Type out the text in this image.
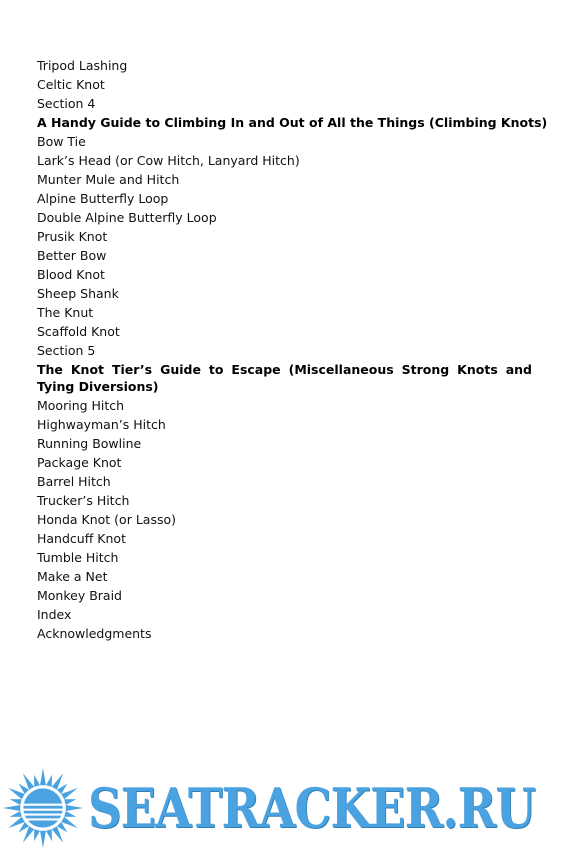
Tripod Lashing
Celtic Knot
Section 4
A Handy Guide to Climbing In and Out of All the Things (Climbing Knots)
Bow Tie
Lark’s Head (or Cow Hitch, Lanyard Hitch)
Munter Mule and Hitch
Alpine Butterfly Loop
Double Alpine Butterfly Loop
Prusik Knot
Better Bow
Blood Knot
Sheep Shank
The Knut
Scaffold Knot
Section 5
The Knot Tier’s Guide to Escape (Miscellaneous Strong Knots and Tying Diversions)
Mooring Hitch
Highwayman’s Hitch
Running Bowline
Package Knot
Barrel Hitch
Trucker’s Hitch
Honda Knot (or Lasso)
Handcuff Knot
Tumble Hitch
Make a Net
Monkey Braid
Index
Acknowledgments
SEATRACKER.RU
